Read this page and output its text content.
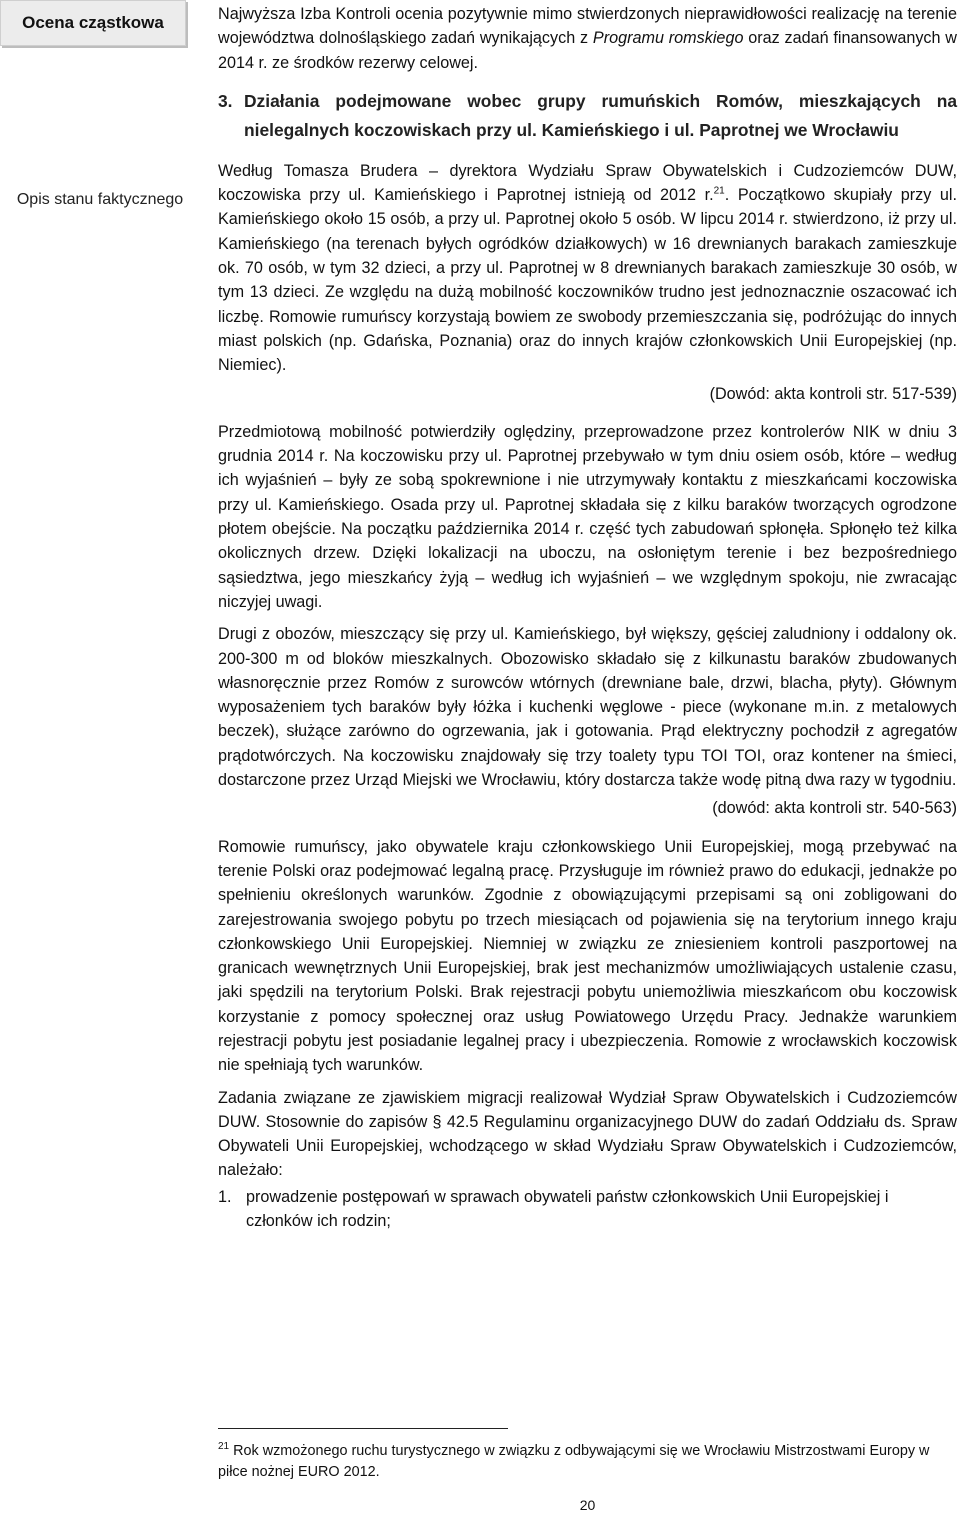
Ocena cząstkowa
Opis stanu faktycznego

Najwyższa Izba Kontroli ocenia pozytywnie mimo stwierdzonych nieprawidłowości realizację na terenie województwa dolnośląskiego zadań wynikających z Programu romskiego oraz zadań finansowanych w 2014 r. ze środków rezerwy celowej.

3. Działania podejmowane wobec grupy rumuńskich Romów, mieszkających na nielegalnych koczowiskach przy ul. Kamieńskiego i ul. Paprotnej we Wrocławiu

Według Tomasza Brudera – dyrektora Wydziału Spraw Obywatelskich i Cudzoziemców DUW, koczowiska przy ul. Kamieńskiego i Paprotnej istnieją od 2012 r.$^{21}$. Początkowo skupiały przy ul. Kamieńskiego około 15 osób, a przy ul. Paprotnej około 5 osób. W lipcu 2014 r. stwierdzono, iż przy ul. Kamieńskiego (na terenach byłych ogródków działkowych) w 16 drewnianych barakach zamieszkuje ok. 70 osób, w tym 32 dzieci, a przy ul. Paprotnej w 8 drewnianych barakach zamieszkuje 30 osób, w tym 13 dzieci. Ze względu na dużą mobilność koczowników trudno jest jednoznacznie oszacować ich liczbę. Romowie rumuńscy korzystają bowiem ze swobody przemieszczania się, podróżując do innych miast polskich (np. Gdańska, Poznania) oraz do innych krajów członkowskich Unii Europejskiej (np. Niemiec).

(Dowód: akta kontroli str. 517-539)

Przedmiotową mobilność potwierdziły oględziny, przeprowadzone przez kontrolerów NIK w dniu 3 grudnia 2014 r. Na koczowisku przy ul. Paprotnej przebywało w tym dniu osiem osób, które – według ich wyjaśnień – były ze sobą spokrewnione i nie utrzymywały kontaktu z mieszkańcami koczowiska przy ul. Kamieńskiego. Osada przy ul. Paprotnej składała się z kilku baraków tworzących ogrodzone płotem obejście. Na początku października 2014 r. część tych zabudowań spłonęła. Spłonęło też kilka okolicznych drzew. Dzięki lokalizacji na uboczu, na osłoniętym terenie i bez bezpośredniego sąsiedztwa, jego mieszkańcy żyją – według ich wyjaśnień – we względnym spokoju, nie zwracając niczyjej uwagi.

Drugi z obozów, mieszczący się przy ul. Kamieńskiego, był większy, gęściej zaludniony i oddalony ok. 200-300 m od bloków mieszkalnych. Obozowisko składało się z kilkunastu baraków zbudowanych własnoręcznie przez Romów z surowców wtórnych (drewniane bale, drzwi, blacha, płyty). Głównym wyposażeniem tych baraków były łóżka i kuchenki węglowe - piece (wykonane m.in. z metalowych beczek), służące zarówno do ogrzewania, jak i gotowania. Prąd elektryczny pochodził z agregatów prądotwórczych. Na koczowisku znajdowały się trzy toalety typu TOI TOI, oraz kontener na śmieci, dostarczone przez Urząd Miejski we Wrocławiu, który dostarcza także wodę pitną dwa razy w tygodniu.

(dowód: akta kontroli str. 540-563)

Romowie rumuńscy, jako obywatele kraju członkowskiego Unii Europejskiej, mogą przebywać na terenie Polski oraz podejmować legalną pracę. Przysługuje im również prawo do edukacji, jednakże po spełnieniu określonych warunków. Zgodnie z obowiązującymi przepisami są oni zobligowani do zarejestrowania swojego pobytu po trzech miesiącach od pojawienia się na terytorium innego kraju członkowskiego Unii Europejskiej. Niemniej w związku ze zniesieniem kontroli paszportowej na granicach wewnętrznych Unii Europejskiej, brak jest mechanizmów umożliwiających ustalenie czasu, jaki spędzili na terytorium Polski. Brak rejestracji pobytu uniemożliwia mieszkańcom obu koczowisk korzystanie z pomocy społecznej oraz usług Powiatowego Urzędu Pracy. Jednakże warunkiem rejestracji pobytu jest posiadanie legalnej pracy i ubezpieczenia. Romowie z wrocławskich koczowisk nie spełniają tych warunków.

Zadania związane ze zjawiskiem migracji realizował Wydział Spraw Obywatelskich i Cudzoziemców DUW. Stosownie do zapisów § 42.5 Regulaminu organizacyjnego DUW do zadań Oddziału ds. Spraw Obywateli Unii Europejskiej, wchodzącego w skład Wydziału Spraw Obywatelskich i Cudzoziemców, należało:

1. prowadzenie postępowań w sprawach obywateli państw członkowskich Unii Europejskiej i członków ich rodzin;
$^{21}$ Rok wzmożonego ruchu turystycznego w związku z odbywającymi się we Wrocławiu Mistrzostwami Europy w piłce nożnej EURO 2012.
20
